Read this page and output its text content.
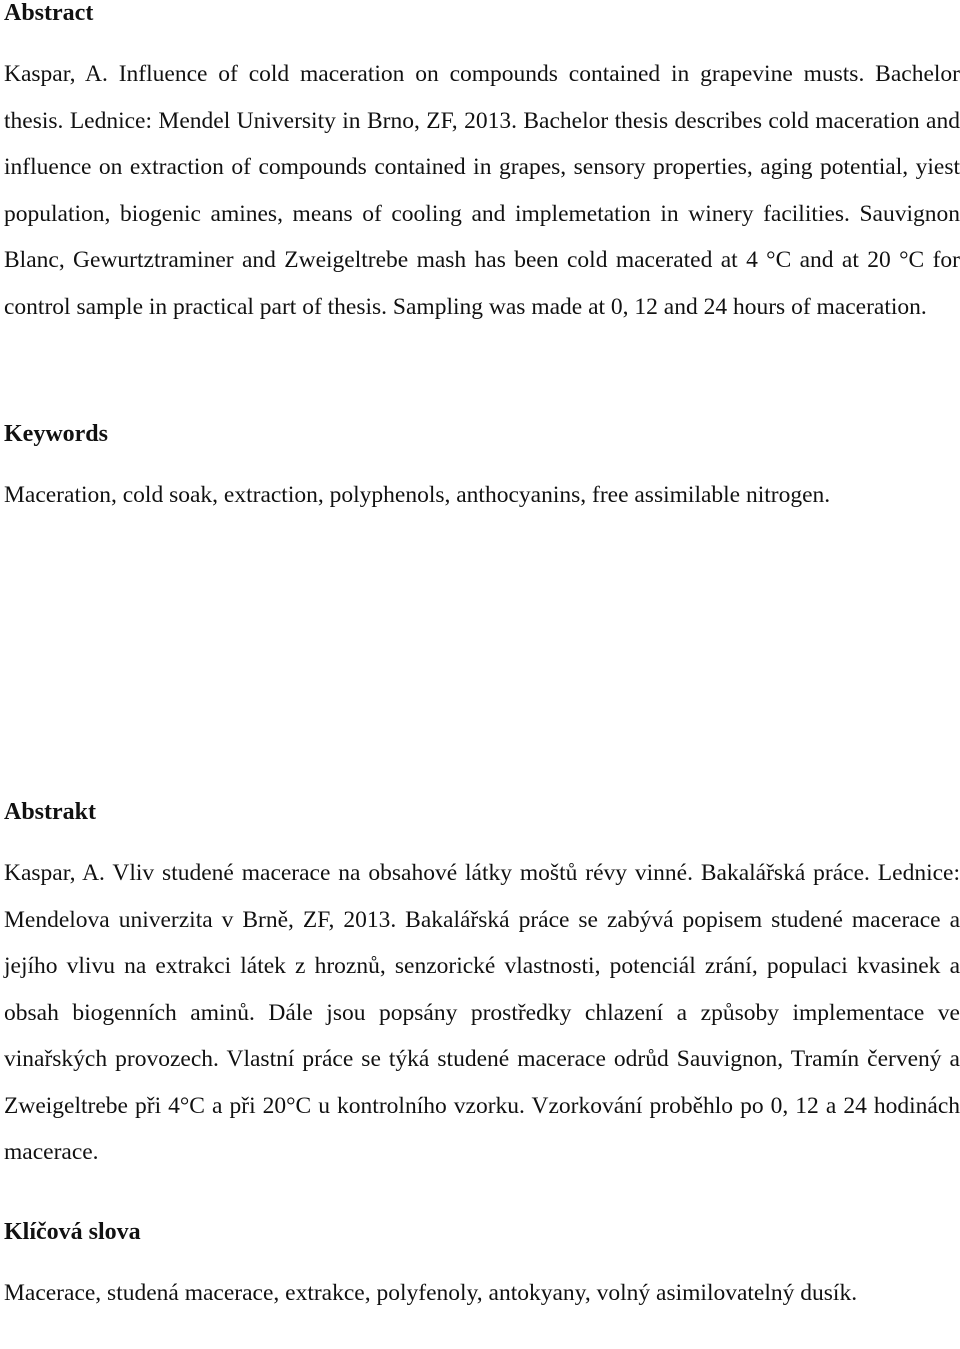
Abstract

Kaspar, A. Influence of cold maceration on compounds contained in grapevine musts. Bachelor thesis. Lednice: Mendel University in Brno, ZF, 2013. Bachelor thesis describes cold maceration and influence on extraction of compounds contained in grapes, sensory properties, aging potential, yiest population, biogenic amines, means of cooling and implemetation in winery facilities. Sauvignon Blanc, Gewurtztraminer and Zweigeltrebe mash has been cold macerated at 4 °C and at 20 °C for control sample in practical part of thesis. Sampling was made at 0, 12 and 24 hours of maceration.

Keywords

Maceration, cold soak, extraction, polyphenols, anthocyanins, free assimilable nitrogen.

Abstrakt

Kaspar, A. Vliv studené macerace na obsahové látky moštů révy vinné. Bakalářská práce. Lednice: Mendelova univerzita v Brně, ZF, 2013. Bakalářská práce se zabývá popisem studené macerace a jejího vlivu na extrakci látek z hroznů, senzorické vlastnosti, potenciál zrání, populaci kvasinek a obsah biogenních aminů. Dále jsou popsány prostředky chlazení a způsoby implementace ve vinařských provozech. Vlastní práce se týká studené macerace odrůd Sauvignon, Tramín červený a Zweigeltrebe při 4°C a při 20°C u kontrolního vzorku. Vzorkování proběhlo po 0, 12 a 24 hodinách macerace.

Klíčová slova

Macerace, studená macerace, extrakce, polyfenoly, antokyany, volný asimilovatelný dusík.
